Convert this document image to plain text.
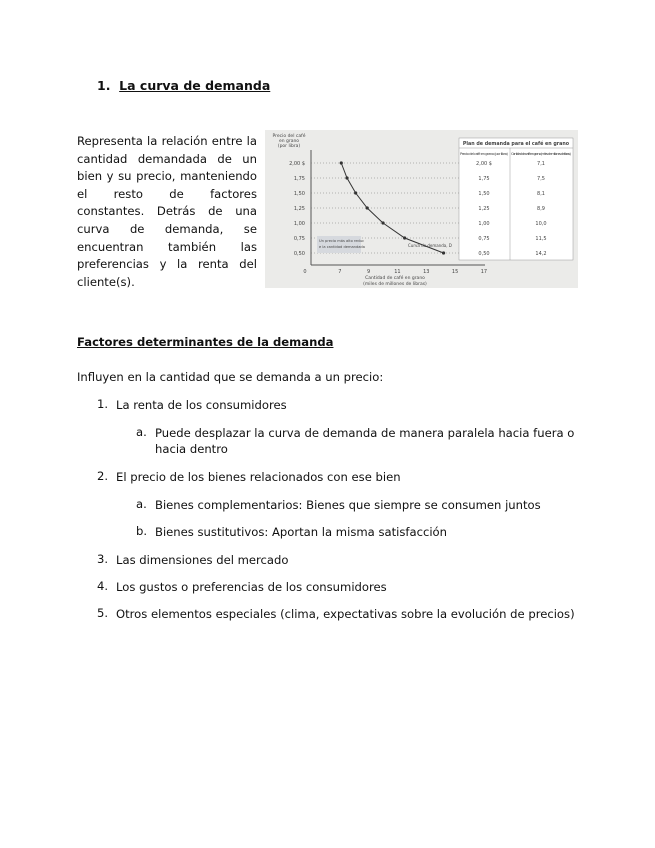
1. La curva de demanda
Representa la relación entre la cantidad demandada de un bien y su precio, manteniendo el resto de factores constantes. Detrás de una curva de demanda, se encuentran también las preferencias y la renta del cliente(s).
Precio del café
en grano
(por libra)
2,00 $
1,75
1,50
1,25
1,00
0,75
0,50
0	7	9	11	13	15	17
Cantidad de café en grano
(miles de millones de libras)
Un precio más alto reduc
e la cantidad demandada	Curva de demanda, D
Plan de demanda para el café en grano
Precio del café en grano (por libra) Cantidad de café en grano (miles de millones de libras)
2,00 $	7,1
1,75	7,5
1,50	8,1
1,25	8,9
1,00	10,0
0,75	11,5
0,50	14,2
Factores determinantes de la demanda
Influyen en la cantidad que se demanda a un precio:
1. La renta de los consumidores
a. Puede desplazar la curva de demanda de manera paralela hacia fuera o
hacia dentro
2. El precio de los bienes relacionados con ese bien
a. Bienes complementarios: Bienes que siempre se consumen juntos
b. Bienes sustitutivos: Aportan la misma satisfacción
3. Las dimensiones del mercado
4. Los gustos o preferencias de los consumidores
5. Otros elementos especiales (clima, expectativas sobre la evolución de precios)
